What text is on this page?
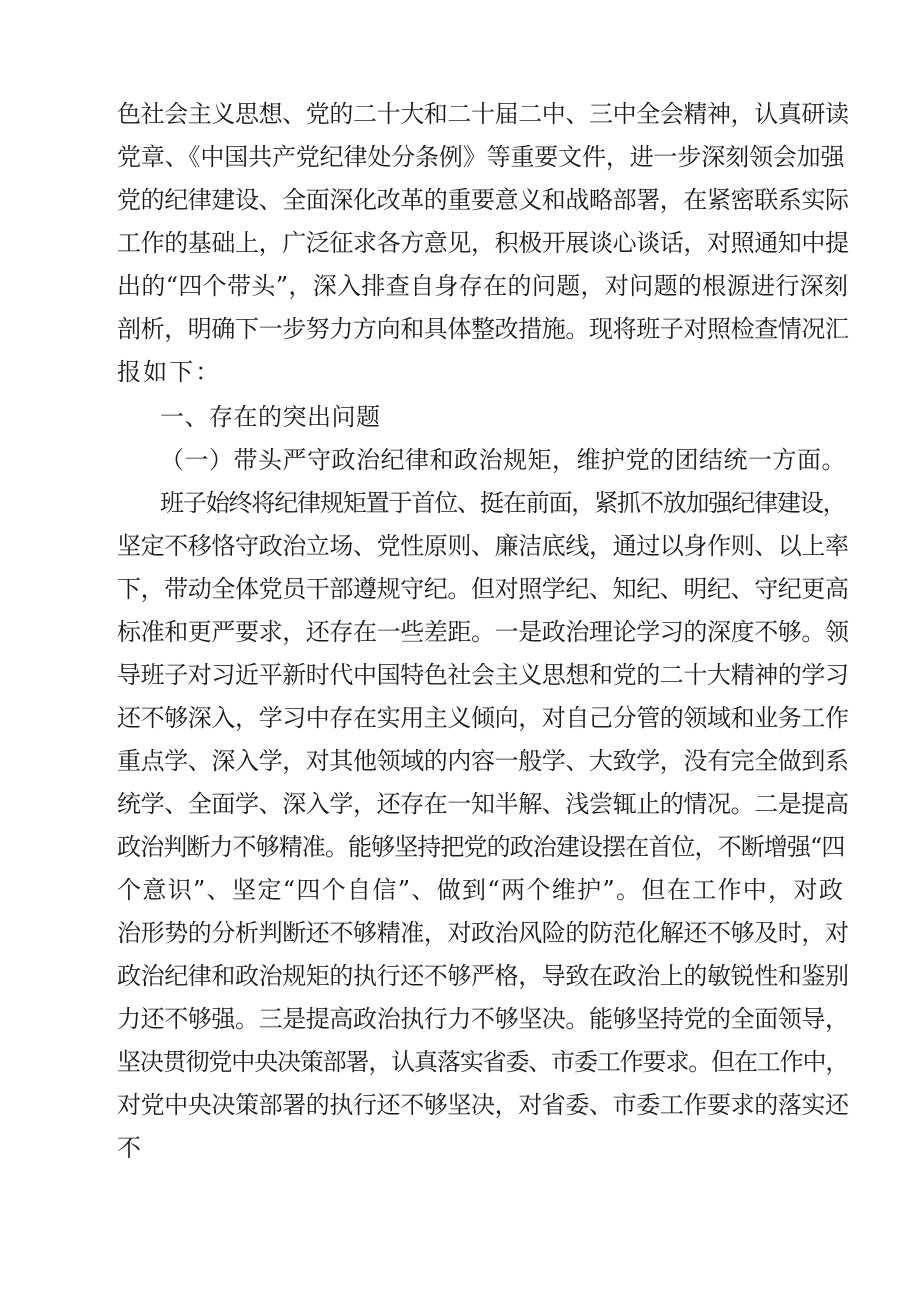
色社会主义思想、党的二十大和二十届二中、三中全会精神，认真研读
党章、《中国共产党纪律处分条例》等重要文件，进一步深刻领会加强
党的纪律建设、全面深化改革的重要意义和战略部署，在紧密联系实际
工作的基础上，广泛征求各方意见，积极开展谈心谈话，对照通知中提
出的“四个带头”，深入排查自身存在的问题，对问题的根源进行深刻
剖析，明确下一步努力方向和具体整改措施。现将班子对照检查情况汇
报如下：
一、存在的突出问题
（一）带头严守政治纪律和政治规矩，维护党的团结统一方面。
班子始终将纪律规矩置于首位、挺在前面，紧抓不放加强纪律建设，
坚定不移恪守政治立场、党性原则、廉洁底线，通过以身作则、以上率
下，带动全体党员干部遵规守纪。但对照学纪、知纪、明纪、守纪更高
标准和更严要求，还存在一些差距。一是政治理论学习的深度不够。领
导班子对习近平新时代中国特色社会主义思想和党的二十大精神的学习
还不够深入，学习中存在实用主义倾向，对自己分管的领域和业务工作
重点学、深入学，对其他领域的内容一般学、大致学，没有完全做到系
统学、全面学、深入学，还存在一知半解、浅尝辄止的情况。二是提高
政治判断力不够精准。能够坚持把党的政治建设摆在首位，不断增强“四
个意识”、坚定“四个自信”、做到“两个维护”。但在工作中，对政
治形势的分析判断还不够精准，对政治风险的防范化解还不够及时，对
政治纪律和政治规矩的执行还不够严格，导致在政治上的敏锐性和鉴别
力还不够强。三是提高政治执行力不够坚决。能够坚持党的全面领导，
坚决贯彻党中央决策部署，认真落实省委、市委工作要求。但在工作中，
对党中央决策部署的执行还不够坚决，对省委、市委工作要求的落实还
不
